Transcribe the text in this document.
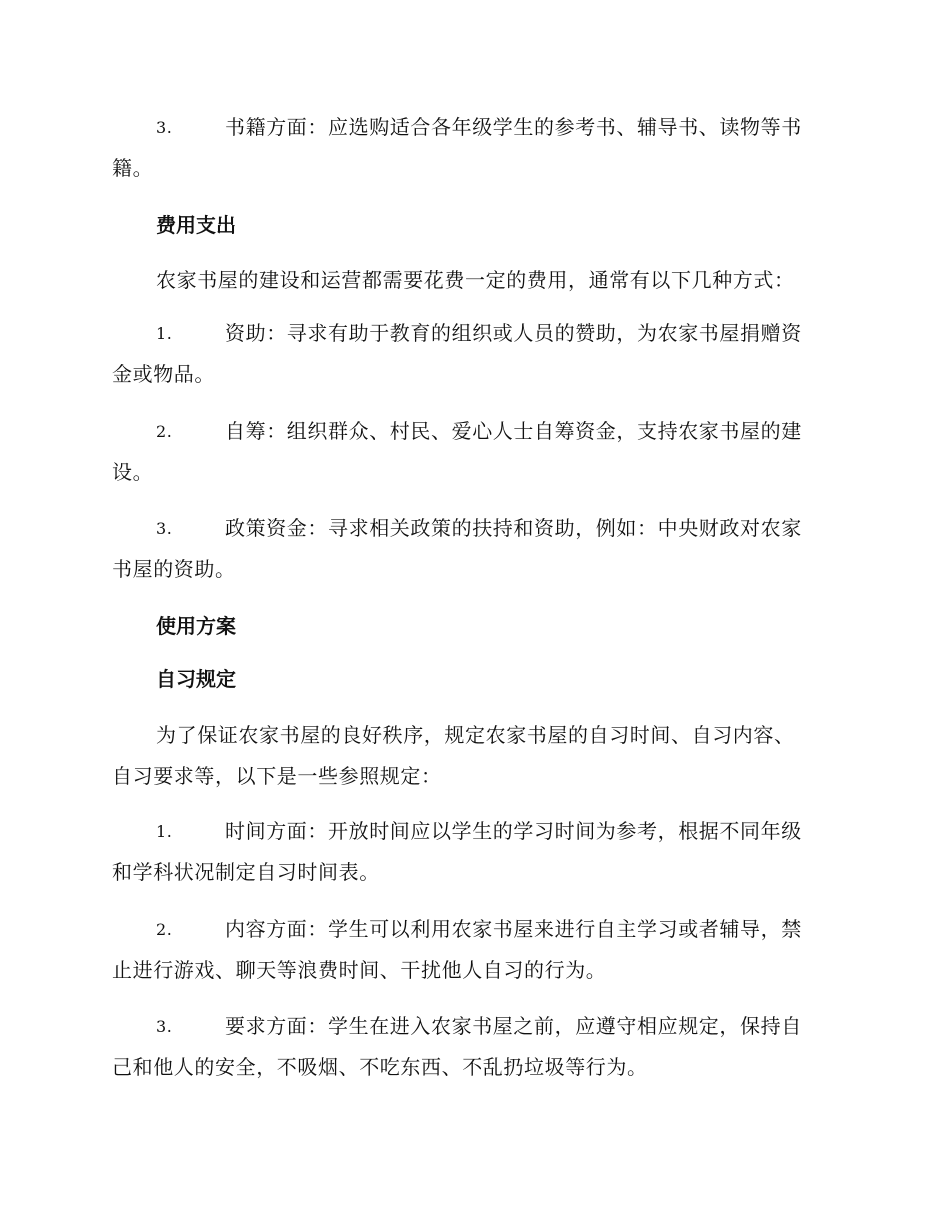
3.	书籍方面：应选购适合各年级学生的参考书、辅导书、读物等书
籍。
费用支出
农家书屋的建设和运营都需要花费一定的费用，通常有以下几种方式：
1.	资助：寻求有助于教育的组织或人员的赞助，为农家书屋捐赠资
金或物品。
2.	自筹：组织群众、村民、爱心人士自筹资金，支持农家书屋的建
设。
3.	政策资金：寻求相关政策的扶持和资助，例如：中央财政对农家
书屋的资助。
使用方案
自习规定
为了保证农家书屋的良好秩序，规定农家书屋的自习时间、自习内容、
自习要求等，以下是一些参照规定：
1.	时间方面：开放时间应以学生的学习时间为参考，根据不同年级
和学科状况制定自习时间表。
2.	内容方面：学生可以利用农家书屋来进行自主学习或者辅导，禁
止进行游戏、聊天等浪费时间、干扰他人自习的行为。
3.	要求方面：学生在进入农家书屋之前，应遵守相应规定，保持自
己和他人的安全，不吸烟、不吃东西、不乱扔垃圾等行为。
